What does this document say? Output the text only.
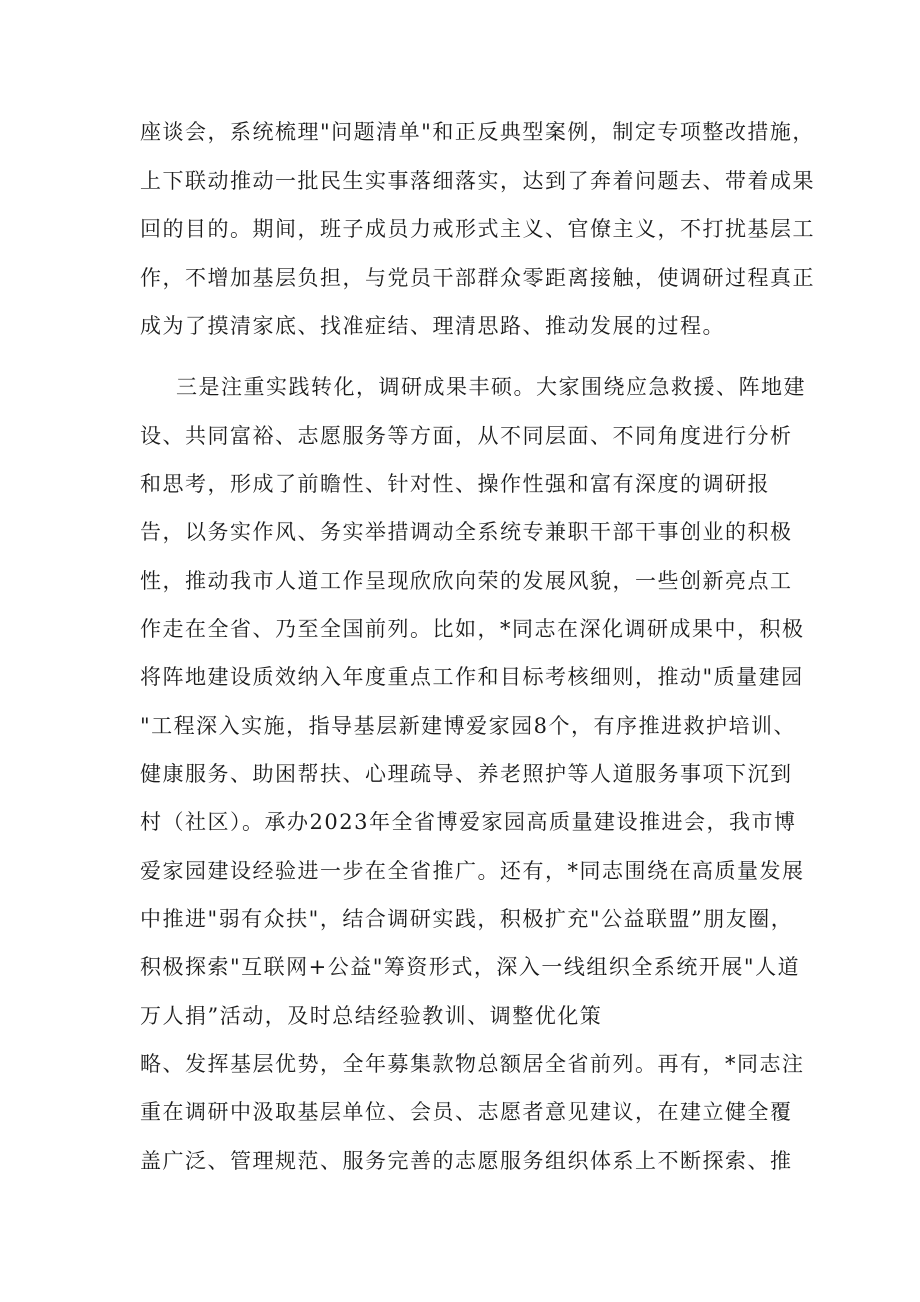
座谈会，系统梳理"问题清单"和正反典型案例，制定专项整改措施，
上下联动推动一批民生实事落细落实，达到了奔着问题去、带着成果
回的目的。期间，班子成员力戒形式主义、官僚主义，不打扰基层工
作，不增加基层负担，与党员干部群众零距离接触，使调研过程真正
成为了摸清家底、找准症结、理清思路、推动发展的过程。
三是注重实践转化，调研成果丰硕。大家围绕应急救援、阵地建
设、共同富裕、志愿服务等方面，从不同层面、不同角度进行分析
和思考，形成了前瞻性、针对性、操作性强和富有深度的调研报
告，以务实作风、务实举措调动全系统专兼职干部干事创业的积极
性，推动我市人道工作呈现欣欣向荣的发展风貌，一些创新亮点工
作走在全省、乃至全国前列。比如，*同志在深化调研成果中，积极
将阵地建设质效纳入年度重点工作和目标考核细则，推动"质量建园
"工程深入实施，指导基层新建博爱家园8个，有序推进救护培训、
健康服务、助困帮扶、心理疏导、养老照护等人道服务事项下沉到
村（社区）。承办2023年全省博爱家园高质量建设推进会，我市博
爱家园建设经验进一步在全省推广。还有，*同志围绕在高质量发展
中推进"弱有众扶"，结合调研实践，积极扩充"公益联盟”朋友圈，
积极探索"互联网+公益"筹资形式，深入一线组织全系统开展"人道
万人捐”活动，及时总结经验教训、调整优化策
略、发挥基层优势，全年募集款物总额居全省前列。再有，*同志注
重在调研中汲取基层单位、会员、志愿者意见建议，在建立健全覆
盖广泛、管理规范、服务完善的志愿服务组织体系上不断探索、推
